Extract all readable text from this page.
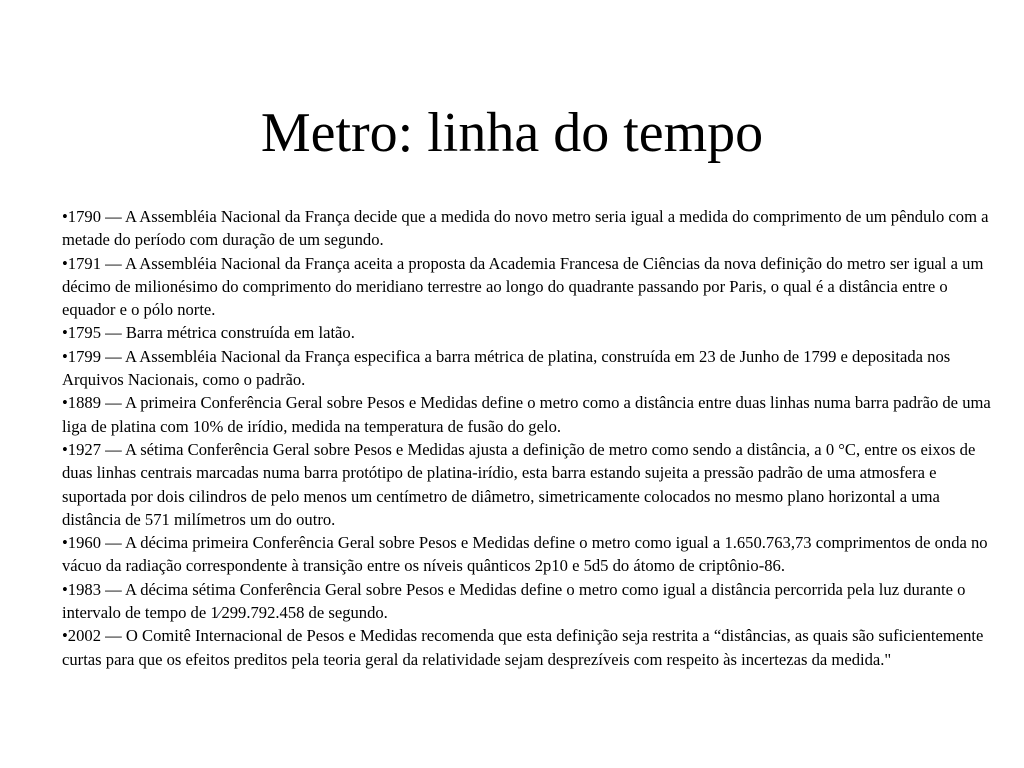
Metro: linha do tempo
•1790 — A Assembléia Nacional da França decide que a medida do novo metro seria igual a medida do comprimento de um pêndulo com a metade do período com duração de um segundo.
•1791 — A Assembléia Nacional da França aceita a proposta da Academia Francesa de Ciências da nova definição do metro ser igual a um décimo de milionésimo do comprimento do meridiano terrestre ao longo do quadrante passando por Paris, o qual é a distância entre o equador e o pólo norte.
•1795 — Barra métrica construída em latão.
•1799 — A Assembléia Nacional da França especifica a barra métrica de platina, construída em 23 de Junho de 1799 e depositada nos Arquivos Nacionais, como o padrão.
•1889 — A primeira Conferência Geral sobre Pesos e Medidas define o metro como a distância entre duas linhas numa barra padrão de uma liga de platina com 10% de irídio, medida na temperatura de fusão do gelo.
•1927 — A sétima Conferência Geral sobre Pesos e Medidas ajusta a definição de metro como sendo a distância, a 0 °C, entre os eixos de duas linhas centrais marcadas numa barra protótipo de platina-irídio, esta barra estando sujeita a pressão padrão de uma atmosfera e suportada por dois cilindros de pelo menos um centímetro de diâmetro, simetricamente colocados no mesmo plano horizontal a uma distância de 571 milímetros um do outro.
•1960 — A décima primeira Conferência Geral sobre Pesos e Medidas define o metro como igual a 1.650.763,73 comprimentos de onda no vácuo da radiação correspondente à transição entre os níveis quânticos 2p10 e 5d5 do átomo de criptônio-86.
•1983 — A décima sétima Conferência Geral sobre Pesos e Medidas define o metro como igual a distância percorrida pela luz durante o intervalo de tempo de 1⁄299.792.458 de segundo.
•2002 — O Comitê Internacional de Pesos e Medidas recomenda que esta definição seja restrita a “distâncias, as quais são suficientemente curtas para que os efeitos preditos pela teoria geral da relatividade sejam desprezíveis com respeito às incertezas da medida."
